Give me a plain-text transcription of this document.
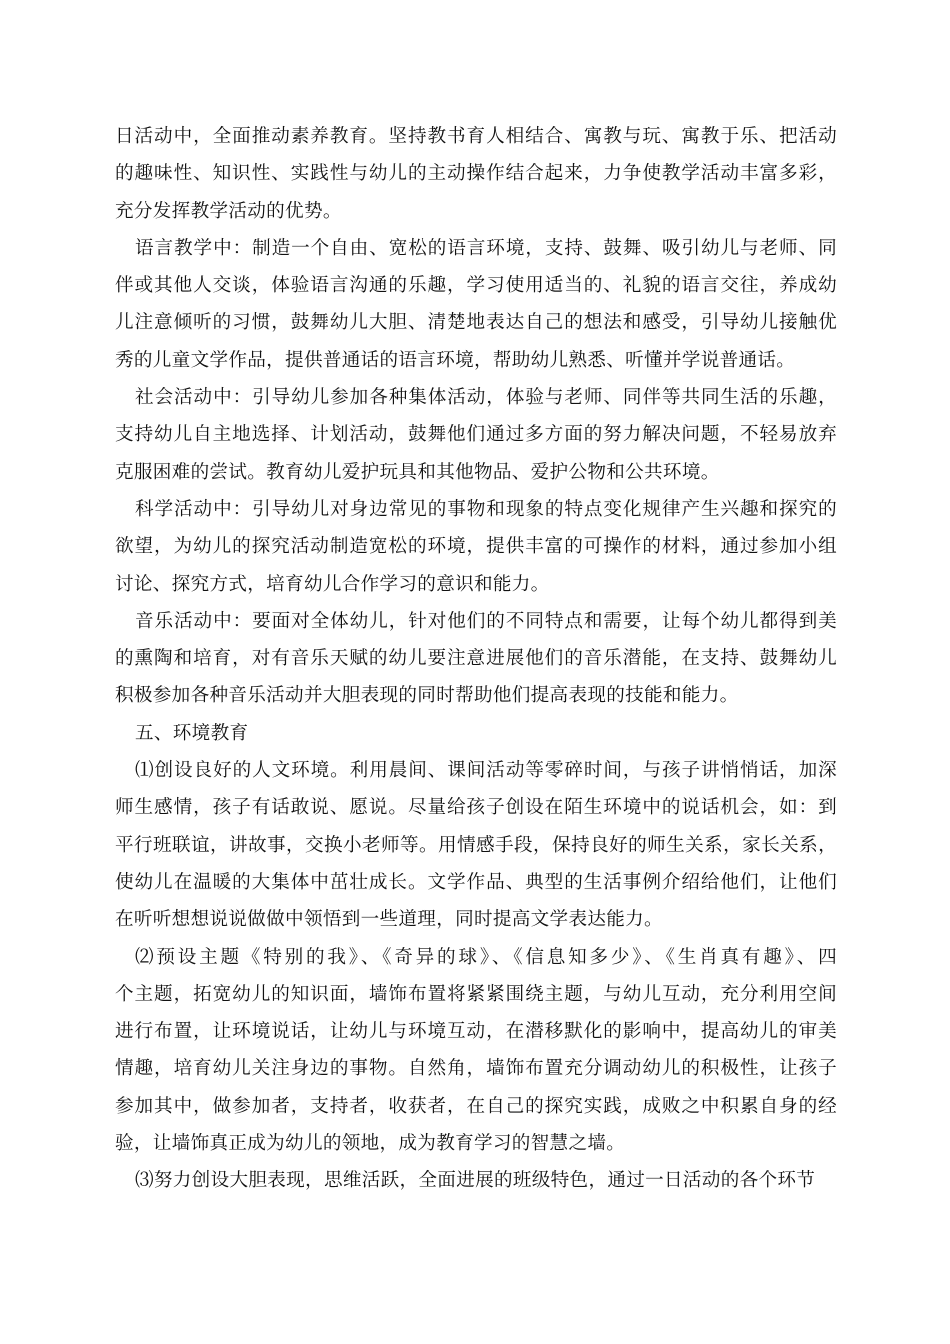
日活动中，全面推动素养教育。坚持教书育人相结合、寓教与玩、寓教于乐、把活动
的趣味性、知识性、实践性与幼儿的主动操作结合起来，力争使教学活动丰富多彩，
充分发挥教学活动的优势。
语言教学中：制造一个自由、宽松的语言环境，支持、鼓舞、吸引幼儿与老师、同
伴或其他人交谈，体验语言沟通的乐趣，学习使用适当的、礼貌的语言交往，养成幼
儿注意倾听的习惯，鼓舞幼儿大胆、清楚地表达自己的想法和感受，引导幼儿接触优
秀的儿童文学作品，提供普通话的语言环境，帮助幼儿熟悉、听懂并学说普通话。
社会活动中：引导幼儿参加各种集体活动，体验与老师、同伴等共同生活的乐趣，
支持幼儿自主地选择、计划活动，鼓舞他们通过多方面的努力解决问题，不轻易放弃
克服困难的尝试。教育幼儿爱护玩具和其他物品、爱护公物和公共环境。
科学活动中：引导幼儿对身边常见的事物和现象的特点变化规律产生兴趣和探究的
欲望，为幼儿的探究活动制造宽松的环境，提供丰富的可操作的材料，通过参加小组
讨论、探究方式，培育幼儿合作学习的意识和能力。
音乐活动中：要面对全体幼儿，针对他们的不同特点和需要，让每个幼儿都得到美
的熏陶和培育，对有音乐天赋的幼儿要注意进展他们的音乐潜能，在支持、鼓舞幼儿
积极参加各种音乐活动并大胆表现的同时帮助他们提高表现的技能和能力。
五、环境教育
⑴创设良好的人文环境。利用晨间、课间活动等零碎时间，与孩子讲悄悄话，加深
师生感情，孩子有话敢说、愿说。尽量给孩子创设在陌生环境中的说话机会，如：到
平行班联谊，讲故事，交换小老师等。用情感手段，保持良好的师生关系，家长关系，
使幼儿在温暖的大集体中茁壮成长。文学作品、典型的生活事例介绍给他们，让他们
在听听想想说说做做中领悟到一些道理，同时提高文学表达能力。
⑵预设主题《特别的我》、《奇异的球》、《信息知多少》、《生肖真有趣》、四
个主题，拓宽幼儿的知识面，墙饰布置将紧紧围绕主题，与幼儿互动，充分利用空间
进行布置，让环境说话，让幼儿与环境互动，在潜移默化的影响中，提高幼儿的审美
情趣，培育幼儿关注身边的事物。自然角，墙饰布置充分调动幼儿的积极性，让孩子
参加其中，做参加者，支持者，收获者，在自己的探究实践，成败之中积累自身的经
验，让墙饰真正成为幼儿的领地，成为教育学习的智慧之墙。
⑶努力创设大胆表现，思维活跃，全面进展的班级特色，通过一日活动的各个环节
